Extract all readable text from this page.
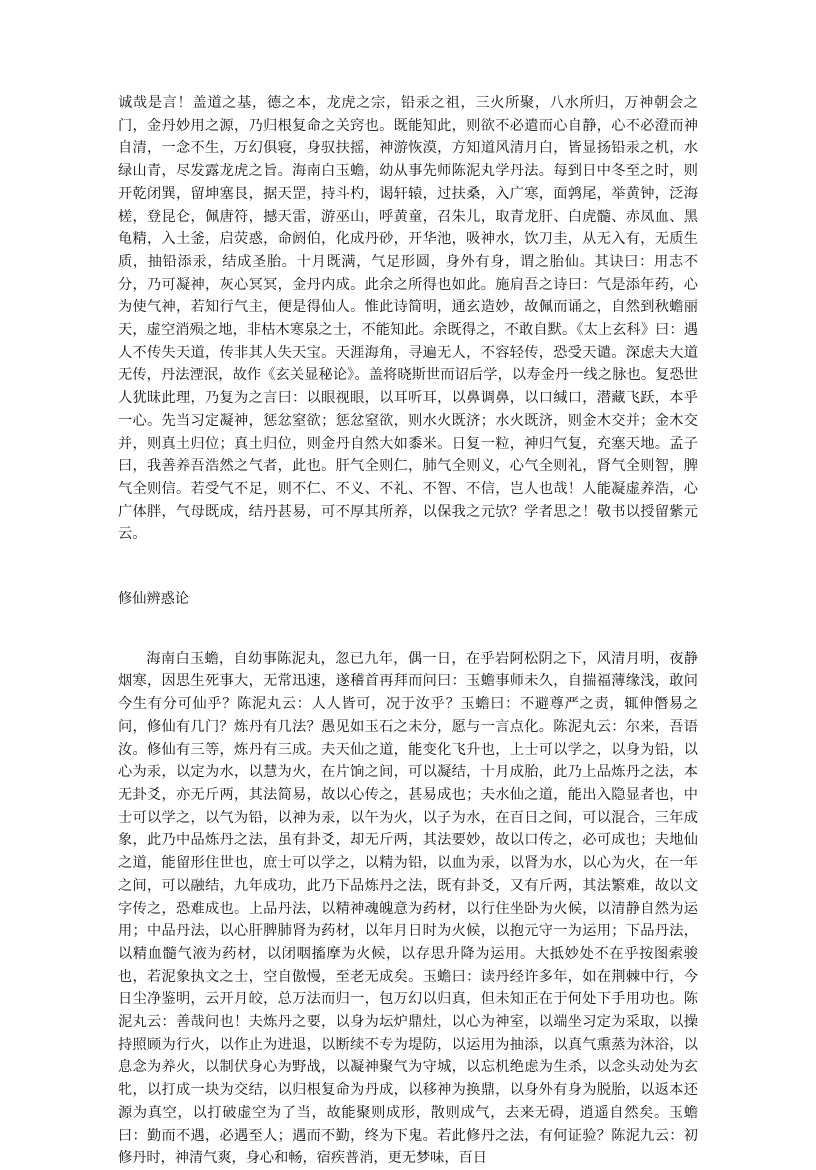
诚哉是言！盖道之基，德之本，龙虎之宗，铅汞之祖，三火所聚，八水所归，万神朝会之门，金丹妙用之源，乃归根复命之关窍也。既能知此，则欲不必遣而心自静，心不必澄而神自清，一念不生，万幻俱寝，身驭扶摇，神游恢漠，方知道风清月白，皆显扬铅汞之机，水绿山青，尽发露龙虎之旨。海南白玉蟾，幼从事先师陈泥丸学丹法。每到日中冬至之时，则开乾闭巽，留坤塞艮，据天罡，持斗杓，谒轩辕，过扶桑，入广寒，面鹑尾，举黄钟，泛海槎，登昆仑，佩唐符，撼天雷，游巫山，呼黄童，召朱儿，取青龙肝、白虎髓、赤凤血、黑龟精，入土釜，启荧惑，命阏伯，化成丹砂，开华池，吸神水，饮刀圭，从无入有，无质生质，抽铅添汞，结成圣胎。十月既满，气足形圆，身外有身，谓之胎仙。其诀曰：用志不分，乃可凝神，灰心冥冥，金丹内成。此余之所得也如此。施肩吾之诗曰：气是添年药，心为使气神，若知行气主，便是得仙人。惟此诗简明，通玄造妙，故佩而诵之，自然到秋蟾丽天，虚空消殒之地，非枯木寒泉之士，不能知此。余既得之，不敢自默。《太上玄科》曰：遇人不传失天道，传非其人失天宝。天涯海角，寻遍无人，不容轻传，恐受天谴。深虑夫大道无传，丹法湮泯，故作《玄关显秘论》。盖将晓斯世而诏后学，以寿金丹一线之脉也。复恐世人犹昧此理，乃复为之言曰：以眼视眼，以耳听耳，以鼻调鼻，以口缄口，潜藏飞跃，本乎一心。先当习定凝神，惩忿窒欲；惩忿窒欲，则水火既济；水火既济，则金木交并；金木交并，则真土归位；真土归位，则金丹自然大如黍米。日复一粒，神归气复，充塞天地。孟子曰，我善养吾浩然之气者，此也。肝气全则仁，肺气全则义，心气全则礼，肾气全则智，脾气全则信。若受气不足，则不仁、不义、不礼、不智、不信，岂人也哉！人能凝虚养浩，心广体胖，气母既成，结丹甚易，可不厚其所养，以保我之元欤？学者思之！敬书以授留紫元云。

修仙辨惑论

海南白玉蟾，自幼事陈泥丸，忽已九年，偶一日，在乎岩阿松阴之下，风清月明，夜静烟寒，因思生死事大，无常迅速，遂稽首再拜而问曰：玉蟾事师未久，自揣福薄缘浅，敢问今生有分可仙乎？陈泥丸云：人人皆可，况于汝乎？玉蟾曰：不避尊严之责，辄伸僭易之问，修仙有几门？炼丹有几法？愚见如玉石之未分，愿与一言点化。陈泥丸云：尔来，吾语汝。修仙有三等，炼丹有三成。夫天仙之道，能变化飞升也，上士可以学之，以身为铅，以心为汞，以定为水，以慧为火，在片饷之间，可以凝结，十月成胎，此乃上品炼丹之法，本无卦爻，亦无斤两，其法简易，故以心传之，甚易成也；夫水仙之道，能出入隐显者也，中士可以学之，以气为铅，以神为汞，以午为火，以子为水，在百日之间，可以混合，三年成象，此乃中品炼丹之法，虽有卦爻，却无斤两，其法要妙，故以口传之，必可成也；夫地仙之道，能留形住世也，庶士可以学之，以精为铅，以血为汞，以肾为水，以心为火，在一年之间，可以融结，九年成功，此乃下品炼丹之法，既有卦爻，又有斤两，其法繁难，故以文字传之，恐难成也。上品丹法，以精神魂魄意为药材，以行住坐卧为火候，以清静自然为运用；中品丹法，以心肝脾肺肾为药材，以年月日时为火候，以抱元守一为运用；下品丹法，以精血髓气液为药材，以闭咽搐摩为火候，以存思升降为运用。大抵妙处不在乎按图索骏也，若泥象执文之士，空自傲慢，至老无成矣。玉蟾曰：读丹经许多年，如在荆棘中行，今日尘净鉴明，云开月皎，总万法而归一，包万幻以归真，但未知正在于何处下手用功也。陈泥丸云：善哉问也！夫炼丹之要，以身为坛炉鼎灶，以心为神室，以端坐习定为采取，以操持照顾为行火，以作止为进退，以断续不专为堤防，以运用为抽添，以真气熏蒸为沐浴，以息念为养火，以制伏身心为野战，以凝神聚气为守城，以忘机绝虑为生杀，以念头动处为玄牝，以打成一块为交结，以归根复命为丹成，以移神为换鼎，以身外有身为脱胎，以返本还源为真空，以打破虚空为了当，故能聚则成形，散则成气，去来无碍，逍遥自然矣。玉蟾曰：勤而不遇，必遇至人；遇而不勤，终为下鬼。若此修丹之法，有何证验？陈泥九云：初修丹时，神清气爽，身心和畅，宿疾普消，更无梦味，百日
